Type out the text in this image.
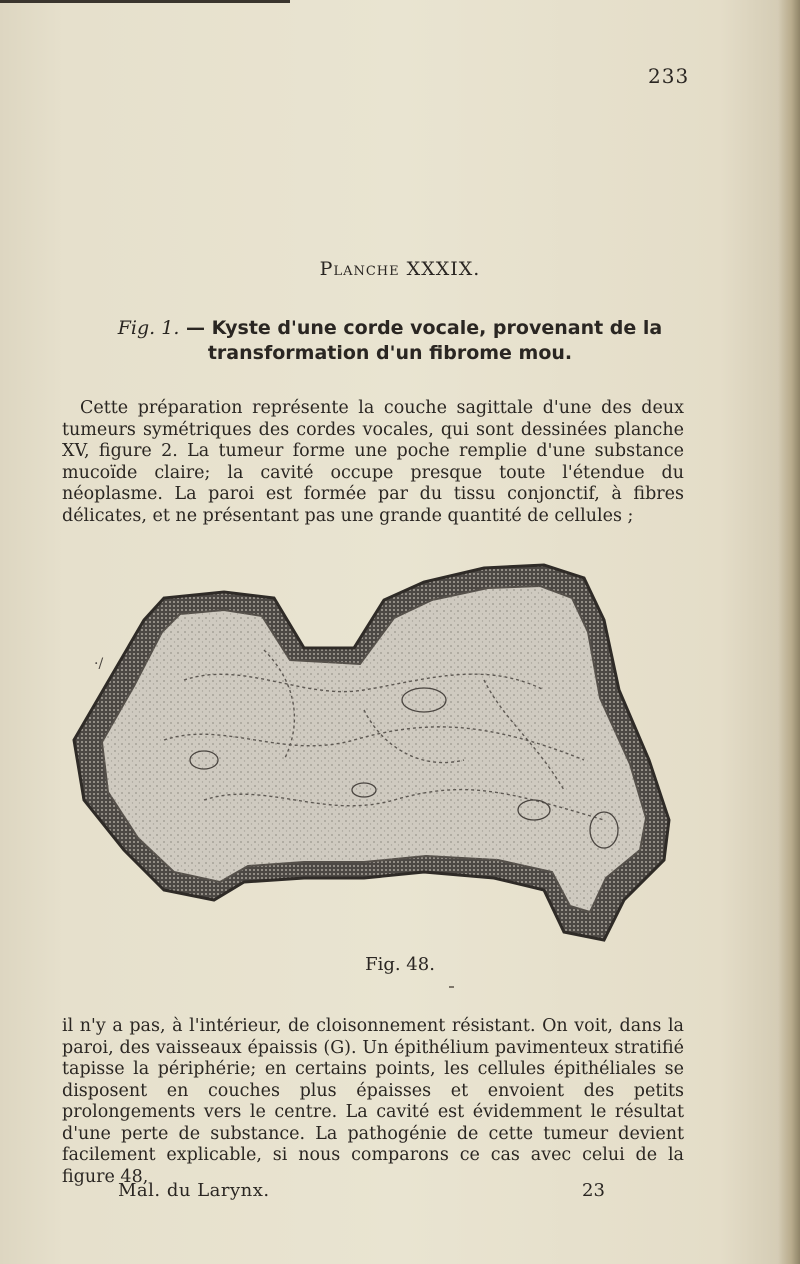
233
Planche XXXIX.
Fig. 1. — Kyste d'une corde vocale, provenant de la transformation d'un fibrome mou.

Cette préparation représente la couche sagittale d'une des deux tumeurs symétriques des cordes vocales, qui sont dessinées planche XV, figure 2. La tumeur forme une poche remplie d'une substance mucoïde claire; la cavité occupe presque toute l'étendue du néoplasme. La paroi est formée par du tissu conjonctif, à fibres délicates, et ne présentant pas une grande quantité de cellules ;

·/
Fig. 48.

il n'y a pas, à l'intérieur, de cloisonnement résistant. On voit, dans la paroi, des vaisseaux épaissis (G). Un épithélium pavimenteux stratifié tapisse la périphérie; en certains points, les cellules épithéliales se disposent en couches plus épaisses et envoient des petits prolongements vers le centre. La cavité est évidemment le résultat d'une perte de substance. La pathogénie de cette tumeur devient facilement explicable, si nous comparons ce cas avec celui de la figure 48,

Mal. du Larynx.	23
